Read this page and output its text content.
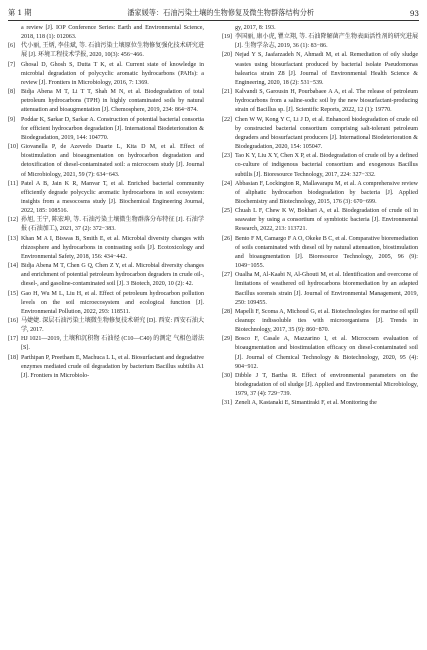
第 1 期	潘家媛等：石油污染土壤的生物修复及微生物群落结构分析	93
a review [J]. IOP Conference Series: Earth and Environmental Science, 2018, 118 (1): 012063.
[6] 代小丽, 王炳, 李佳斌, 等. 石油污染土壤原位生物修复强化技术研究进展 [J]. 环境工程技术学报, 2020, 10(3): 456−466.
[7] Ghosal D, Ghosh S, Dutta T K, et al. Current state of knowledge in microbial degradation of polycyclic aromatic hydrocarbons (PAHs): a review [J]. Frontiers in Microbiology, 2016, 7: 1369.
[8] Bidja Abena M T, Li T T, Shah M N, et al. Biodegradation of total petroleum hydrocarbons (TPH) in highly contaminated soils by natural attenuation and bioaugmentation [J]. Chemosphere, 2019, 234: 864−874.
[9] Poddar K, Sarkar D, Sarkar A. Construction of potential bacterial consortia for efficient hydrocarbon degradation [J]. International Biodeterioration & Biodegradation, 2019, 144: 104770.
[10] Giovanella P, de Azevedo Duarte L, Kita D M, et al. Effect of biostimulation and bioaugmentation on hydrocarbon degradation and detoxification of diesel-contaminated soil: a microcosm study [J]. Journal of Microbiology, 2021, 59 (7): 634−643.
[11] Patel A B, Jain K R, Manvar T, et al. Enriched bacterial community efficiently degrade polycyclic aromatic hydrocarbons in soil ecosystem: insights from a mesocosms study [J]. Biochemical Engineering Journal, 2022, 185: 108516.
[12] 孙旭, 王宁, 陈宏坤, 等. 石油污染土壤微生物群落分布特征 [J]. 石油学报 (石油加工), 2021, 37 (2): 372−383.
[13] Khan M A I, Biswas B, Smith E, et al. Microbial diversity changes with rhizosphere and hydrocarbons in contrasting soils [J]. Ecotoxicology and Environmental Safety, 2018, 156: 434−442.
[14] Bidja Abena M T, Chen G Q, Chen Z Y, et al. Microbial diversity changes and enrichment of potential petroleum hydrocarbon degraders in crude oil-, diesel-, and gasoline-contaminated soil [J]. 3 Biotech, 2020, 10 (2): 42.
[15] Gao H, Wu M L, Liu H, et al. Effect of petroleum hydrocarbon pollution levels on the soil microecosystem and ecological function [J]. Environmental Pollution, 2022, 293: 118511.
[16] 马婕婕. 深层石油污染土壤微生物修复技术研究 [D]. 西安: 西安石油大学, 2017.
[17] HJ 1021—2019, 土壤和沉积物 石油烃 (C10—C40) 的测定 气相色谱法 [S].
[18] Parthipan P, Preetham E, Machuca L L, et al. Biosurfactant and degradative enzymes mediated crude oil degradation by bacterium Bacillus subtilis A1 [J]. Frontiers in Microbiolo-
gy, 2017, 8: 193.
[19] 李国丽, 康小虎, 瞿立翔, 等. 石油降解菌产生物表面活性剂的研究进展 [J]. 生物学杂志, 2019, 36 (1): 83−86.
[20] Nejad Y S, Jaafarzadeh N, Ahmadi M, et al. Remediation of oily sludge wastes using biosurfactant produced by bacterial isolate Pseudomonas balearica strain Z8 [J]. Journal of Environmental Health Science & Engineering, 2020, 18 (2): 531−539.
[21] Kalvandi S, Garousin H, Pourbabaee A A, et al. The release of petroleum hydrocarbons from a saline-sodic soil by the new biosurfactant-producing strain of Bacillus sp. [J]. Scientific Reports, 2022, 12 (1): 19770.
[22] Chen W W, Kong Y C, Li J D, et al. Enhanced biodegradation of crude oil by constructed bacterial consortium comprising salt-tolerant petroleum degraders and biosurfactant producers [J]. International Biodeterioration & Biodegradation, 2020, 154: 105047.
[23] Tao K Y, Liu X Y, Chen X P, et al. Biodegradation of crude oil by a defined co-culture of indigenous bacterial consortium and exogenous Bacillus subtilis [J]. Bioresource Technology, 2017, 224: 327−332.
[24] Abbasian F, Lockington R, Mallavarapu M, et al. A comprehensive review of aliphatic hydrocarbon biodegradation by bacteria [J]. Applied Biochemistry and Biotechnology, 2015, 176 (3): 670−699.
[25] Chuah L F, Chew K W, Bokhari A, et al. Biodegradation of crude oil in seawater by using a consortium of symbiotic bacteria [J]. Environmental Research, 2022, 213: 113721.
[26] Bento F M, Camargo F A O, Okeke B C, et al. Comparative bioremediation of soils contaminated with diesel oil by natural attenuation, biostimulation and bioaugmentation [J]. Bioresource Technology, 2005, 96 (9): 1049−1055.
[27] Oualha M, Al-Kaabi N, Al-Ghouti M, et al. Identification and overcome of limitations of weathered oil hydrocarbons bioremediation by an adapted Bacillus sorensis strain [J]. Journal of Environmental Management, 2019, 250: 109455.
[28] Mapelli F, Scoma A, Michoud G, et al. Biotechnologies for marine oil spill cleanup: indissoluble ties with microorganisms [J]. Trends in Biotechnology, 2017, 35 (9): 860−870.
[29] Bosco F, Casale A, Mazzarino I, et al. Microcosm evaluation of bioaugmentation and biostimulation efficacy on diesel-contaminated soil [J]. Journal of Chemical Technology & Biotechnology, 2020, 95 (4): 904−912.
[30] Dibble J T, Bartha R. Effect of environmental parameters on the biodegradation of oil sludge [J]. Applied and Environmental Microbiology, 1979, 37 (4): 729−739.
[31] Zeneli A, Kastanaki E, Simantiraki F, et al. Monitoring the
